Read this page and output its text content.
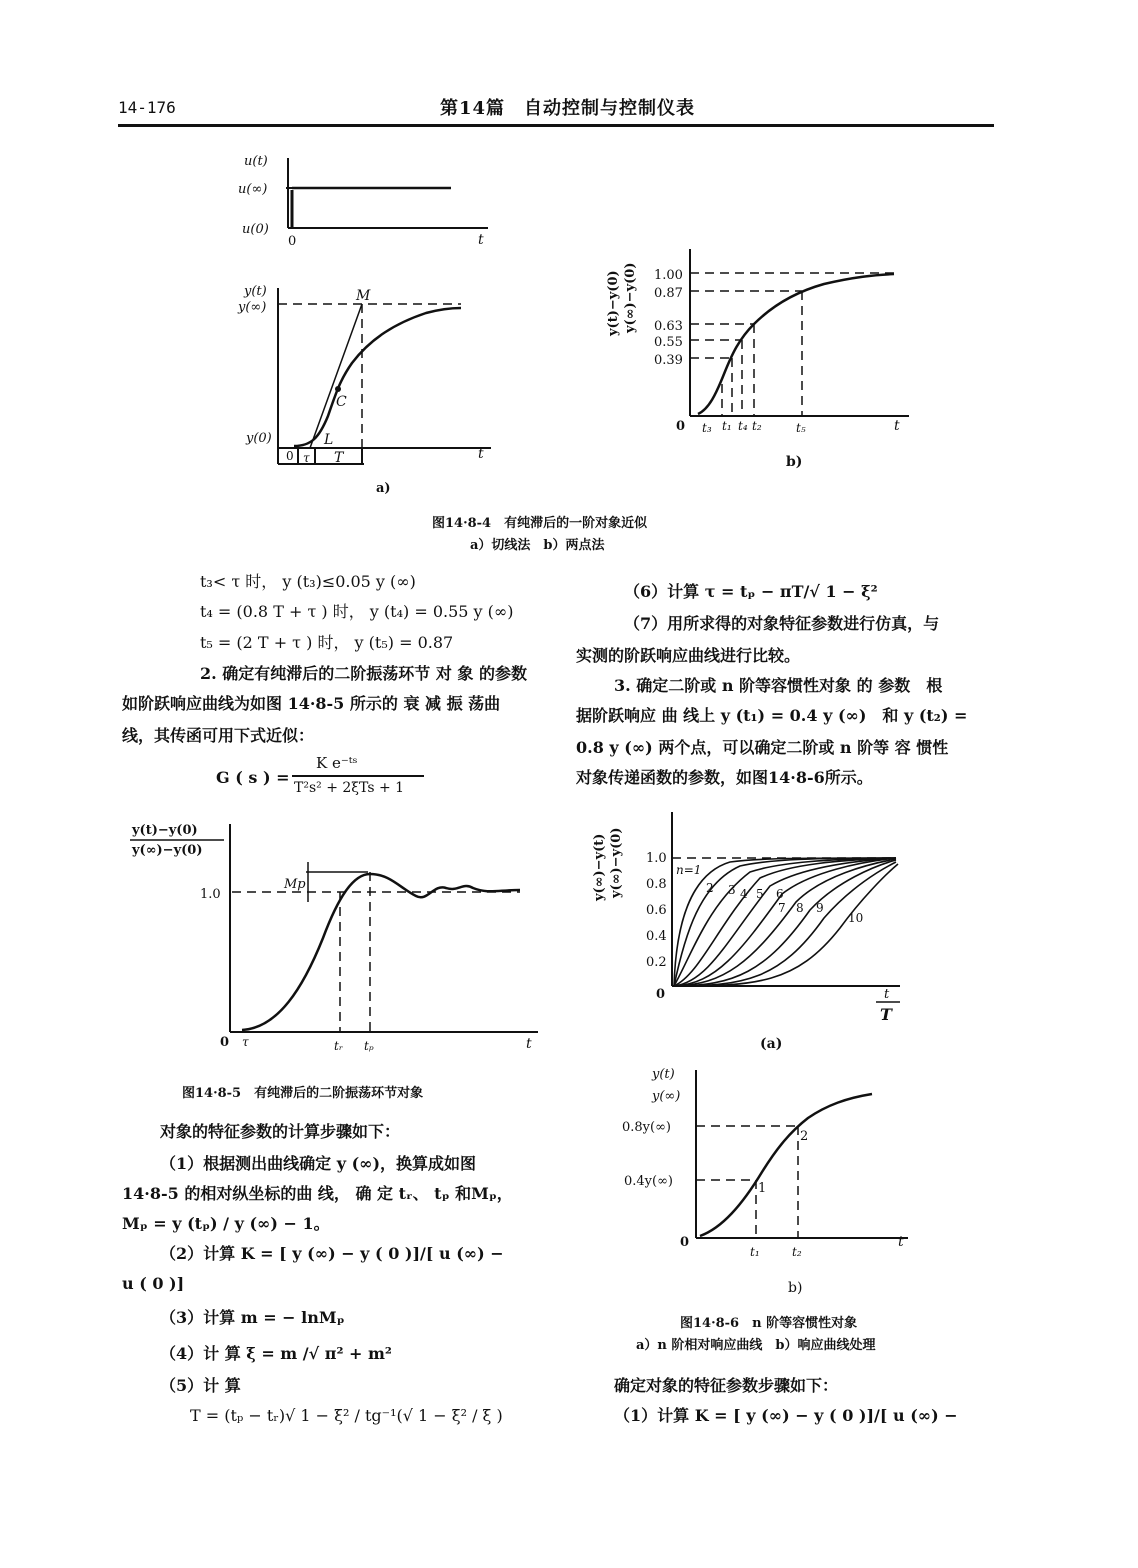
14-176	第14篇　自动控制与控制仪表
u(t)
u(∞)
u(0)
0	t
y(t)
y(∞)
y(0)
M
C
L
0 τ T	t
a)
y(t)−y(0) y(∞)−y(0) 1.00
0.87
0.63
0.55
0.39
0 t₃ t₁ t₄ t₂	t₅	t
b)
图14·8-4　有纯滞后的一阶对象近似
a）切线法　b）两点法
t₃< τ 时， y (t₃)≤0.05 y (∞)
t₄ = (0.8 T + τ ) 时， y (t₄) = 0.55 y (∞)
t₅ = (2 T + τ ) 时， y (t₅) = 0.87
2. 确定有纯滞后的二阶振荡环节 对 象 的参数
如阶跃响应曲线为如图 14·8-5 所示的 衰 减 振 荡曲
线，其传函可用下式近似：
G ( s ) =
K e⁻ᵗˢ
T²s² + 2ξTs + 1
（6）计算 τ = tₚ − πT/√ 1 − ξ²
（7）用所求得的对象特征参数进行仿真，与
实测的阶跃响应曲线进行比较。
3. 确定二阶或 n 阶等容惯性对象 的 参数　根
据阶跃响应 曲 线上 y (t₁) = 0.4 y (∞)　和 y (t₂) =
0.8 y (∞) 两个点，可以确定二阶或 n 阶等 容 惯性
对象传递函数的参数，如图14·8-6所示。
y(t)−y(0)
y(∞)−y(0)
1.0
Mp
0 τ	tᵣ tₚ	t
图14·8-5　有纯滞后的二阶振荡环节对象
对象的特征参数的计算步骤如下：
（1）根据测出曲线确定 y (∞)，换算成如图
14·8-5 的相对纵坐标的曲 线， 确 定 tᵣ、 tₚ 和Mₚ，
Mₚ = y (tₚ) / y (∞) − 1。
（2）计算 K = [ y (∞) − y ( 0 )]/[ u (∞) −
u ( 0 )]
（3）计算 m = − lnMₚ
（4）计 算 ξ = m /√ π² + m²
（5）计 算
T = (tₚ − tᵣ)√ 1 − ξ² / tg⁻¹(√ 1 − ξ² / ξ )
y(∞)−y(t) y(∞)−y(0) 1.0
0.8
0.6
0.4
0.2
0	t
T
n=1
2 3 4 5 6
7 8 9
10
(a)
y(t)
y(∞)
0.8y(∞)
0.4y(∞)
2
1
0
t₁	t₂
t
b)
图14·8-6　n 阶等容惯性对象
a）n 阶相对响应曲线　b）响应曲线处理
确定对象的特征参数步骤如下：
（1）计算 K = [ y (∞) − y ( 0 )]/[ u (∞) −
